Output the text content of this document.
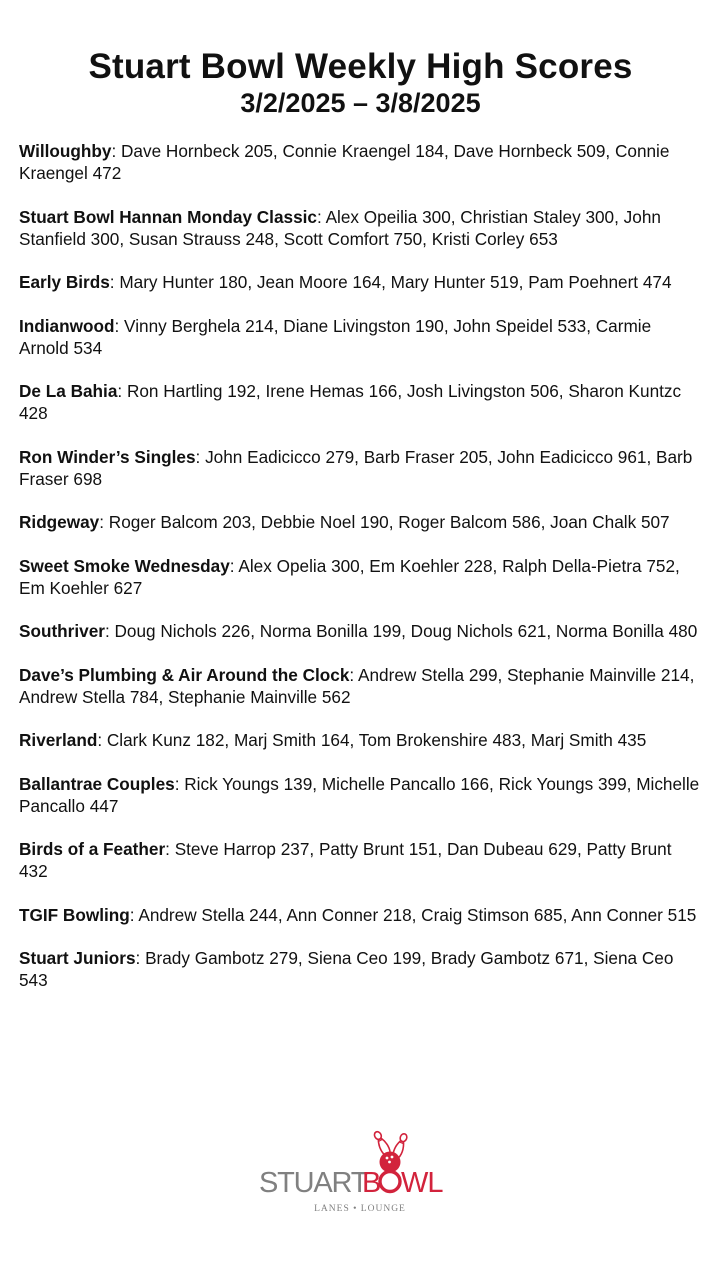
Stuart Bowl Weekly High Scores
3/2/2025 – 3/8/2025

Willoughby: Dave Hornbeck 205, Connie Kraengel 184, Dave Hornbeck 509, Connie Kraengel 472

Stuart Bowl Hannan Monday Classic: Alex Opeilia 300, Christian Staley 300, John Stanfield 300, Susan Strauss 248, Scott Comfort 750, Kristi Corley 653

Early Birds: Mary Hunter 180, Jean Moore 164, Mary Hunter 519, Pam Poehnert 474

Indianwood: Vinny Berghela 214, Diane Livingston 190, John Speidel 533, Carmie Arnold 534

De La Bahia: Ron Hartling 192, Irene Hemas 166, Josh Livingston 506, Sharon Kuntzc 428

Ron Winder’s Singles: John Eadicicco 279, Barb Fraser 205, John Eadicicco 961, Barb Fraser 698

Ridgeway: Roger Balcom 203, Debbie Noel 190, Roger Balcom 586, Joan Chalk 507

Sweet Smoke Wednesday: Alex Opelia 300, Em Koehler 228, Ralph Della-Pietra 752, Em Koehler 627

Southriver: Doug Nichols 226, Norma Bonilla 199, Doug Nichols 621, Norma Bonilla 480

Dave’s Plumbing & Air Around the Clock: Andrew Stella 299, Stephanie Mainville 214, Andrew Stella 784, Stephanie Mainville 562

Riverland: Clark Kunz 182, Marj Smith 164, Tom Brokenshire 483, Marj Smith 435

Ballantrae Couples: Rick Youngs 139, Michelle Pancallo 166, Rick Youngs 399, Michelle Pancallo 447

Birds of a Feather: Steve Harrop 237, Patty Brunt 151, Dan Dubeau 629, Patty Brunt 432

TGIF Bowling: Andrew Stella 244, Ann Conner 218, Craig Stimson 685, Ann Conner 515

Stuart Juniors: Brady Gambotz 279, Siena Ceo 199, Brady Gambotz 671, Siena Ceo 543

STUART
B WL
LANES • LOUNGE
